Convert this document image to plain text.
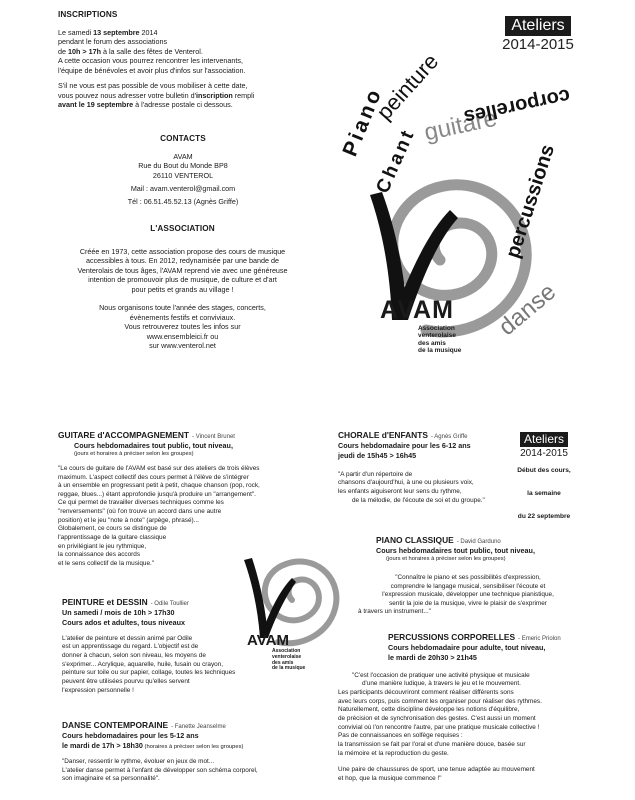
INSCRIPTIONS
Le samedi 13 septembre 2014
pendant le forum des associations
de 10h > 17h à la salle des fêtes de Venterol.
A cette occasion vous pourrez rencontrer les intervenants,
l'équipe de bénévoles et avoir plus d'infos sur l'association.
S'il ne vous est pas possible de vous mobiliser à cette date,
vous pouvez nous adresser votre bulletin d'inscription rempli
avant le 19 septembre à l'adresse postale ci dessous.
CONTACTS
AVAM
Rue du Bout du Monde BP8
26110 VENTEROL
Mail : avam.venterol@gmail.com
Tél : 06.51.45.52.13 (Agnès Griffe)
L'ASSOCIATION
Créée en 1973, cette association propose des cours de musique
accessibles à tous. En 2012, redynamisée par une bande de
Venterolais de tous âges, l'AVAM reprend vie avec une généreuse
intention de promouvoir plus de musique, de culture et d'art
pour petits et grands au village !
Nous organisons toute l'année des stages, concerts,
évènements festifs et conviviaux.
Vous retrouverez toutes les infos sur
www.ensembleici.fr ou
sur www.venterol.net
Ateliers
2014-2015
Piano
peinture
Chant guitare
corporelles
percussions
danse
AVAM
Association
venterolaise
des amis
de la musique
GUITARE d'ACCOMPAGNEMENT - Vincent Brunet
Cours hebdomadaires tout public, tout niveau,
(jours et horaires à préciser selon les groupes)
"Le cours de guitare de l'AVAM est basé sur des ateliers de trois élèves
maximum. L'aspect collectif des cours permet à l'élève de s'intégrer
à un ensemble en progressant petit à petit, chaque chanson (pop, rock,
reggae, blues...) étant approfondie jusqu'à produire un "arrangement".
Ce qui permet de travailler diverses techniques comme les
"renversements" (où l'on trouve un accord dans une autre
position) et le jeu "note à note" (arpège, phrasé)...
Globalement, ce cours se distingue de
l'apprentissage de la guitare classique
en privilégiant le jeu rythmique,
la connaissance des accords
et le sens collectif de la musique."
PEINTURE et DESSIN - Odile Toullier
Un samedi / mois de 10h > 17h30
Cours ados et adultes, tous niveaux
L'atelier de peinture et dessin animé par Odile
est un apprentissage du regard. L'objectif est de
donner à chacun, selon son niveau, les moyens de
s'exprimer... Acrylique, aquarelle, huile, fusain ou crayon,
peinture sur toile ou sur papier, collage, toutes les techniques
peuvent être utilisées pourvu qu'elles servent
l'expression personnelle !
DANSE CONTEMPORAINE - Fanette Jeanselme
Cours hebdomadaires pour les 5-12 ans
le mardi de 17h > 18h30 (horaires à préciser selon les groupes)
"Danser, ressentir le rythme, évoluer en jeux de mot...
L'atelier danse permet à l'enfant de développer son schéma corporel,
son imaginaire et sa personnalité".
AVAM
Association
venterolaise
des amis
de la musique
CHORALE d'ENFANTS - Agnès Griffe
Cours hebdomadaire pour les 6-12 ans
jeudi de 15h45 > 16h45
"A partir d'un répertoire de
chansons d'aujourd'hui, à une ou plusieurs voix,
les enfants aiguiseront leur sens du rythme,
de la mélodie, de l'écoute de soi et du groupe."
Ateliers
2014-2015
Début des cours,
la semaine
du 22 septembre
PIANO CLASSIQUE - David Garduno
Cours hebdomadaires tout public, tout niveau,
(jours et horaires à préciser selon les groupes)
"Connaître le piano et ses possibilités d'expression,
comprendre le langage musical, sensibiliser l'écoute et
l'expression musicale, développer une technique pianistique,
sentir la joie de la musique, vivre le plaisir de s'exprimer
à travers un instrument..."
PERCUSSIONS CORPORELLES - Emeric Priolon
Cours hebdomadaire pour adulte, tout niveau,
le mardi de 20h30 > 21h45
"C'est l'occasion de pratiquer une activité physique et musicale
d'une manière ludique, à travers le jeu et le mouvement.
Les participants découvriront comment réaliser différents sons
avec leurs corps, puis comment les organiser pour réaliser des rythmes.
Naturellement, cette discipline développe les notions d'équilibre,
de précision et de synchronisation des gestes. C'est aussi un moment
convivial où l'on rencontre l'autre, par une pratique musicale collective !
Pas de connaissances en solfège requises :
la transmission se fait par l'oral et d'une manière douce, basée sur
la mémoire et la reproduction du geste.
Une paire de chaussures de sport, une tenue adaptée au mouvement
et hop, que la musique commence !"
